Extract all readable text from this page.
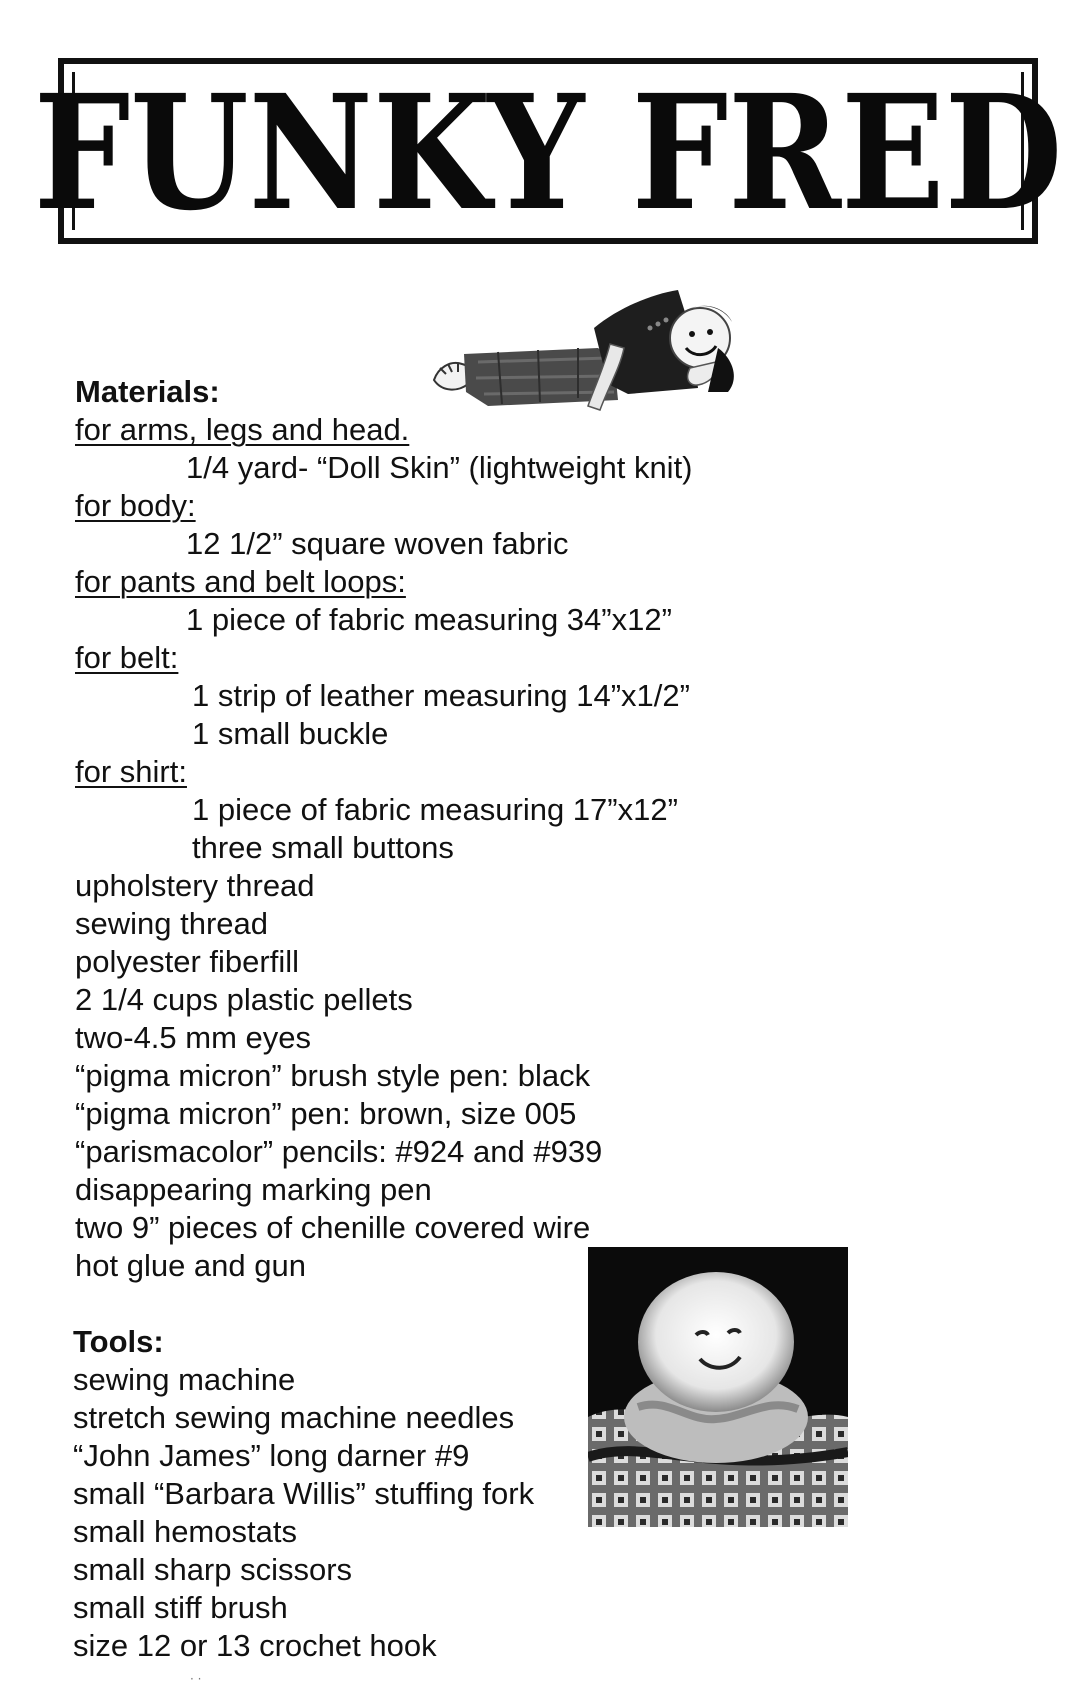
FUNKY FRED
Materials:
for arms, legs and head.
1/4 yard- “Doll Skin” (lightweight knit)
for body:
12 1/2” square woven fabric
for pants and belt loops:
1 piece of fabric measuring 34”x12”
for belt:
1 strip of leather measuring 14”x1/2”
1 small buckle
for shirt:
1 piece of fabric measuring 17”x12”
three small buttons
upholstery thread
sewing thread
polyester fiberfill
2 1/4 cups plastic pellets
two-4.5 mm eyes
“pigma micron” brush style pen: black
“pigma micron” pen: brown, size 005
“parismacolor” pencils: #924 and #939
disappearing marking pen
two 9” pieces of chenille covered wire
hot glue and gun
Tools:
sewing machine
stretch sewing machine needles
“John James” long darner #9
small “Barbara Willis” stuffing fork
small hemostats
small sharp scissors
small stiff brush
size 12 or 13 crochet hook
· ·
